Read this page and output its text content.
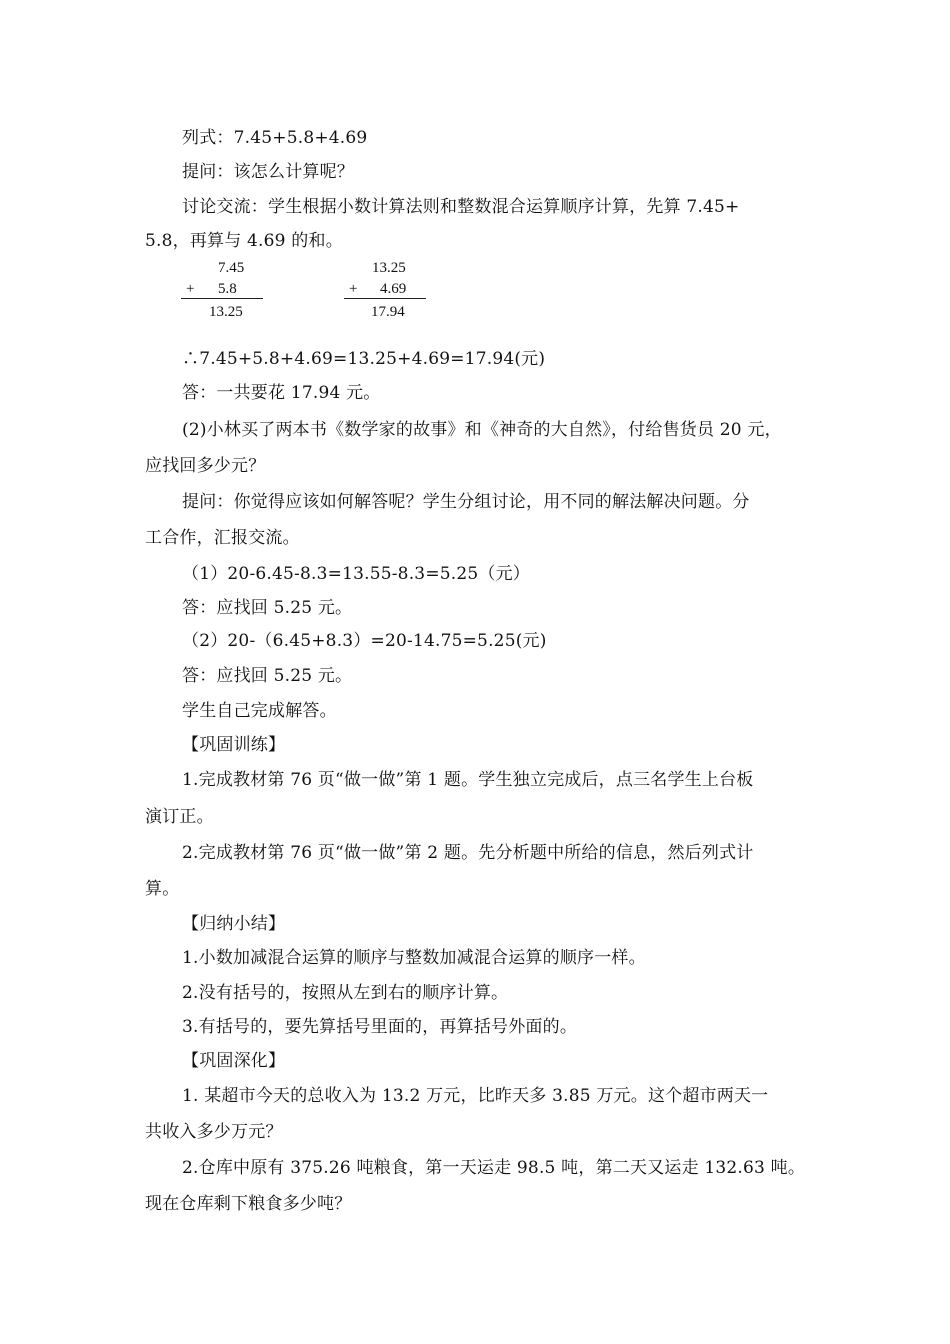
列式：7.45+5.8+4.69
提问：该怎么计算呢？
讨论交流：学生根据小数计算法则和整数混合运算顺序计算，先算 7.45+
5.8，再算与 4.69 的和。
7.45
+ 5.8
13.25
13.25
+ 4.69
17.94
∴7.45+5.8+4.69=13.25+4.69=17.94(元)
答：一共要花 17.94 元。
(2)小林买了两本书《数学家的故事》和《神奇的大自然》，付给售货员 20 元，
应找回多少元？
提问：你觉得应该如何解答呢？学生分组讨论，用不同的解法解决问题。分
工合作，汇报交流。
（1）20-6.45-8.3=13.55-8.3=5.25（元）
答：应找回 5.25 元。
（2）20-（6.45+8.3）=20-14.75=5.25(元)
答：应找回 5.25 元。
学生自己完成解答。
【巩固训练】
1.完成教材第 76 页“做一做”第 1 题。学生独立完成后，点三名学生上台板
演订正。
2.完成教材第 76 页“做一做”第 2 题。先分析题中所给的信息，然后列式计
算。
【归纳小结】
1.小数加减混合运算的顺序与整数加减混合运算的顺序一样。
2.没有括号的，按照从左到右的顺序计算。
3.有括号的，要先算括号里面的，再算括号外面的。
【巩固深化】
1. 某超市今天的总收入为 13.2 万元，比昨天多 3.85 万元。这个超市两天一
共收入多少万元？
2.仓库中原有 375.26 吨粮食，第一天运走 98.5 吨，第二天又运走 132.63 吨。
现在仓库剩下粮食多少吨？
